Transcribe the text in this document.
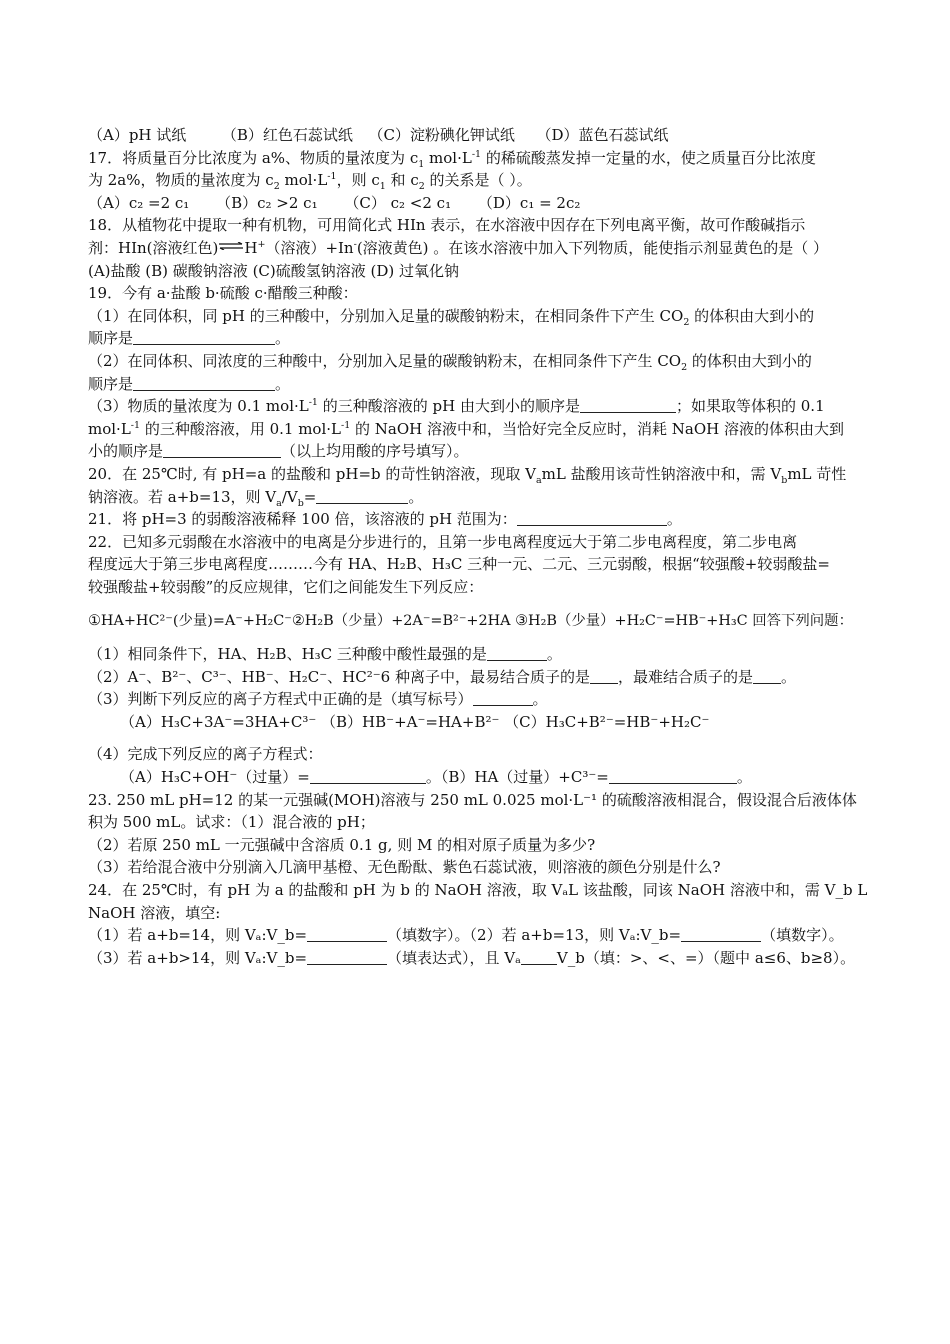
（A）pH 试纸 （B）红色石蕊试纸 （C）淀粉碘化钾试纸 （D）蓝色石蕊试纸
17．将质量百分比浓度为 a%、物质的量浓度为 $c_1$ $mol\cdot L^{-1}$ 的稀硫酸蒸发掉一定量的水，使之质量百分比浓度
为 2a%，物质的量浓度为 $c_2$ $mol\cdot L^{-1}$，则 $c_1$ 和 $c_2$ 的关系是（ ）。
（A）c₂ =2 c₁ （B）c₂ >2 c₁ （C） c₂ <2 c₁ （D）c₁ = 2c₂
18．从植物花中提取一种有机物，可用简化式 HIn 表示，在水溶液中因存在下列电离平衡，故可作酸碱指示
剂：HIn(溶液红色)⇌H+（溶液）+In-(溶液黄色) 。在该水溶液中加入下列物质，能使指示剂显黄色的是（ ）
(A)盐酸 (B) 碳酸钠溶液 (C)硫酸氢钠溶液 (D) 过氧化钠
19．今有 a·盐酸 b·硫酸 c·醋酸三种酸：
（1）在同体积，同 pH 的三种酸中，分别加入足量的碳酸钠粉末，在相同条件下产生 $CO_2$ 的体积由大到小的
顺序是	。
（2）在同体积、同浓度的三种酸中，分别加入足量的碳酸钠粉末，在相同条件下产生 $CO_2$ 的体积由大到小的
顺序是	。
（3）物质的量浓度为 0.1 $mol\cdot L^{-1}$ 的三种酸溶液的 pH 由大到小的顺序是	；如果取等体积的 0.1
$mol\cdot L^{-1}$ 的三种酸溶液，用 0.1 $mol\cdot L^{-1}$ 的 NaOH 溶液中和，当恰好完全反应时，消耗 NaOH 溶液的体积由大到
小的顺序是	（以上均用酸的序号填写）。
20．在 25℃时, 有 pH=a 的盐酸和 pH=b 的苛性钠溶液，现取 $V_amL$ 盐酸用该苛性钠溶液中和，需 $V_bmL$ 苛性
钠溶液。若 a+b=13，则 $V_a/V_b=$	。
21．将 pH=3 的弱酸溶液稀释 100 倍，该溶液的 pH 范围为：	。
22．已知多元弱酸在水溶液中的电离是分步进行的，且第一步电离程度远大于第二步电离程度，第二步电离
程度远大于第三步电离程度………今有 HA、H₂B、H₃C 三种一元、二元、三元弱酸，根据“较强酸+较弱酸盐=
较强酸盐+较弱酸”的反应规律，它们之间能发生下列反应：
①HA+HC²⁻(少量)=A⁻+H₂C⁻②H₂B（少量）+2A⁻=B²⁻+2HA ③H₂B（少量）+H₂C⁻=HB⁻+H₃C 回答下列问题：
（1）相同条件下，HA、H₂B、H₃C 三种酸中酸性最强的是	。
（2）A⁻、B²⁻、C³⁻、HB⁻、H₂C⁻、HC²⁻6 种离子中，最易结合质子的是 ，最难结合质子的是 。
（3）判断下列反应的离子方程式中正确的是（填写标号）	。
（A）H₃C+3A⁻=3HA+C³⁻ （B）HB⁻+A⁻=HA+B²⁻ （C）H₃C+B²⁻=HB⁻+H₂C⁻
（4）完成下列反应的离子方程式：
（A）H₃C+OH⁻（过量）=	。（B）HA（过量）+C³⁻=	。
23. 250 mL pH=12 的某一元强碱(MOH)溶液与 250 mL 0.025 mol·L⁻¹ 的硫酸溶液相混合，假设混合后液体体
积为 500 mL。试求：（1）混合液的 pH；
（2）若原 250 mL 一元强碱中含溶质 0.1 g, 则 M 的相对原子质量为多少?
（3）若给混合液中分别滴入几滴甲基橙、无色酚酞、紫色石蕊试液，则溶液的颜色分别是什么?
24．在 25℃时，有 pH 为 a 的盐酸和 pH 为 b 的 NaOH 溶液，取 VₐL 该盐酸，同该 NaOH 溶液中和，需 V_b L
NaOH 溶液，填空:
（1）若 a+b=14，则 Vₐ:V_b=	（填数字）。（2）若 a+b=13，则 Vₐ:V_b=	（填数字）。
（3）若 a+b>14，则 Vₐ:V_b=	（填表达式），且 Vₐ V_b（填：>、<、=）（题中 a≤6、b≥8）。
